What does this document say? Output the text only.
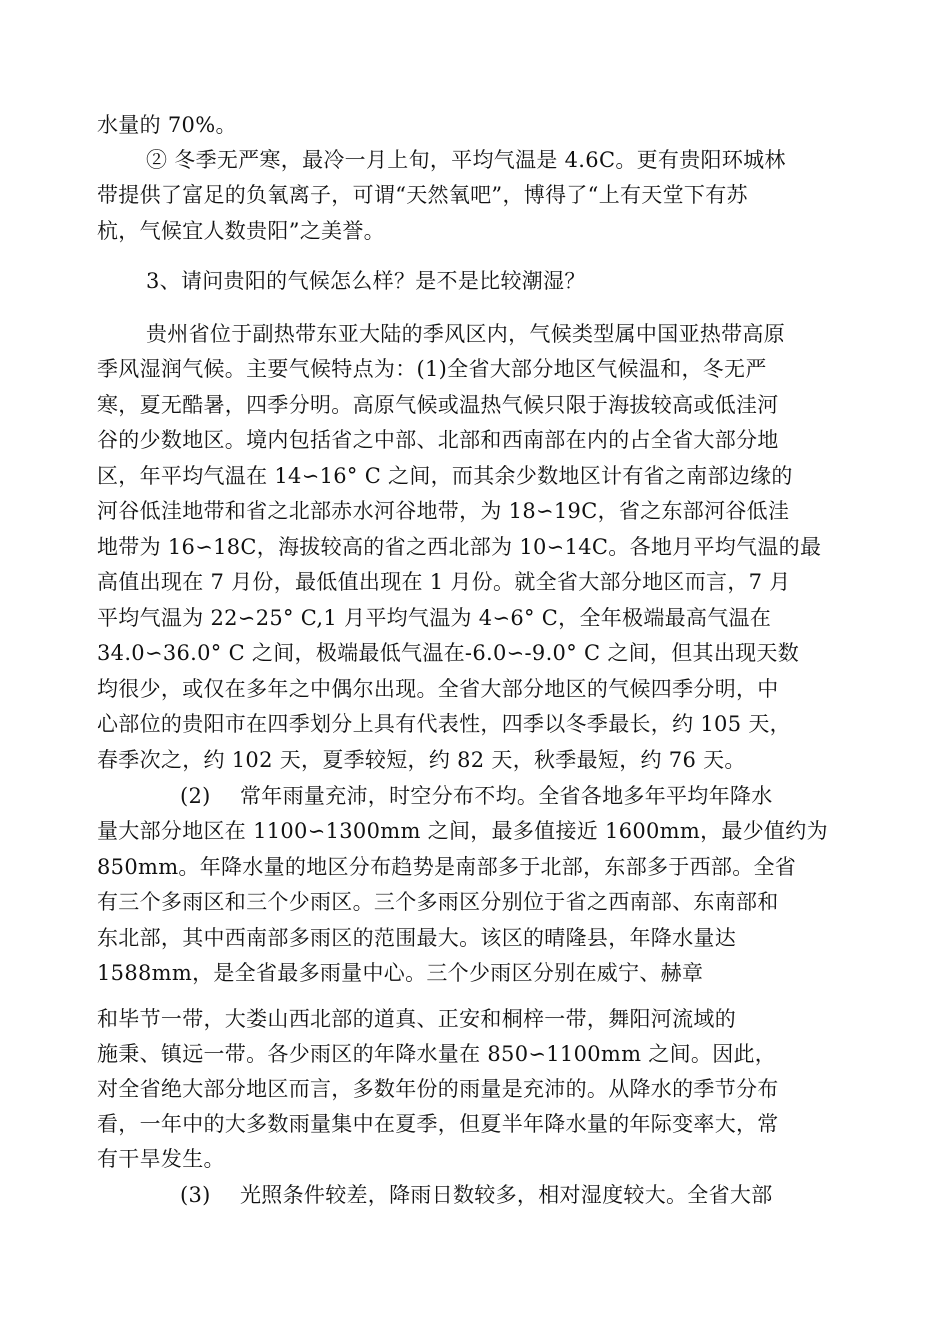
水量的 70%。
② 冬季无严寒，最冷一月上旬，平均气温是 4.6C。更有贵阳环城林
带提供了富足的负氧离子，可谓“天然氧吧”，博得了“上有天堂下有苏
杭，气候宜人数贵阳”之美誉。
3、请问贵阳的气候怎么样？是不是比较潮湿？
贵州省位于副热带东亚大陆的季风区内，气候类型属中国亚热带高原
季风湿润气候。主要气候特点为：(1)全省大部分地区气候温和，冬无严
寒，夏无酷暑，四季分明。高原气候或温热气候只限于海拔较高或低洼河
谷的少数地区。境内包括省之中部、北部和西南部在内的占全省大部分地
区，年平均气温在 14∽16° C 之间，而其余少数地区计有省之南部边缘的
河谷低洼地带和省之北部赤水河谷地带，为 18∽19C，省之东部河谷低洼
地带为 16∽18C，海拔较高的省之西北部为 10∽14C。各地月平均气温的最
高值出现在 7 月份，最低值出现在 1 月份。就全省大部分地区而言，7 月
平均气温为 22∽25° C,1 月平均气温为 4∽6° C，全年极端最高气温在
34.0∽36.0° C 之间，极端最低气温在-6.0∽-9.0° C 之间，但其出现天数
均很少，或仅在多年之中偶尔出现。全省大部分地区的气候四季分明，中
心部位的贵阳市在四季划分上具有代表性，四季以冬季最长，约 105 天，
春季次之，约 102 天，夏季较短，约 82 天，秋季最短，约 76 天。
(2) 常年雨量充沛，时空分布不均。全省各地多年平均年降水
量大部分地区在 1100∽1300mm 之间，最多值接近 1600mm，最少值约为
850mm。年降水量的地区分布趋势是南部多于北部，东部多于西部。全省
有三个多雨区和三个少雨区。三个多雨区分别位于省之西南部、东南部和
东北部，其中西南部多雨区的范围最大。该区的晴隆县，年降水量达
1588mm，是全省最多雨量中心。三个少雨区分别在威宁、赫章
和毕节一带，大娄山西北部的道真、正安和桐梓一带，舞阳河流域的
施秉、镇远一带。各少雨区的年降水量在 850∽1100mm 之间。因此，
对全省绝大部分地区而言，多数年份的雨量是充沛的。从降水的季节分布
看，一年中的大多数雨量集中在夏季，但夏半年降水量的年际变率大，常
有干旱发生。
(3) 光照条件较差，降雨日数较多，相对湿度较大。全省大部
